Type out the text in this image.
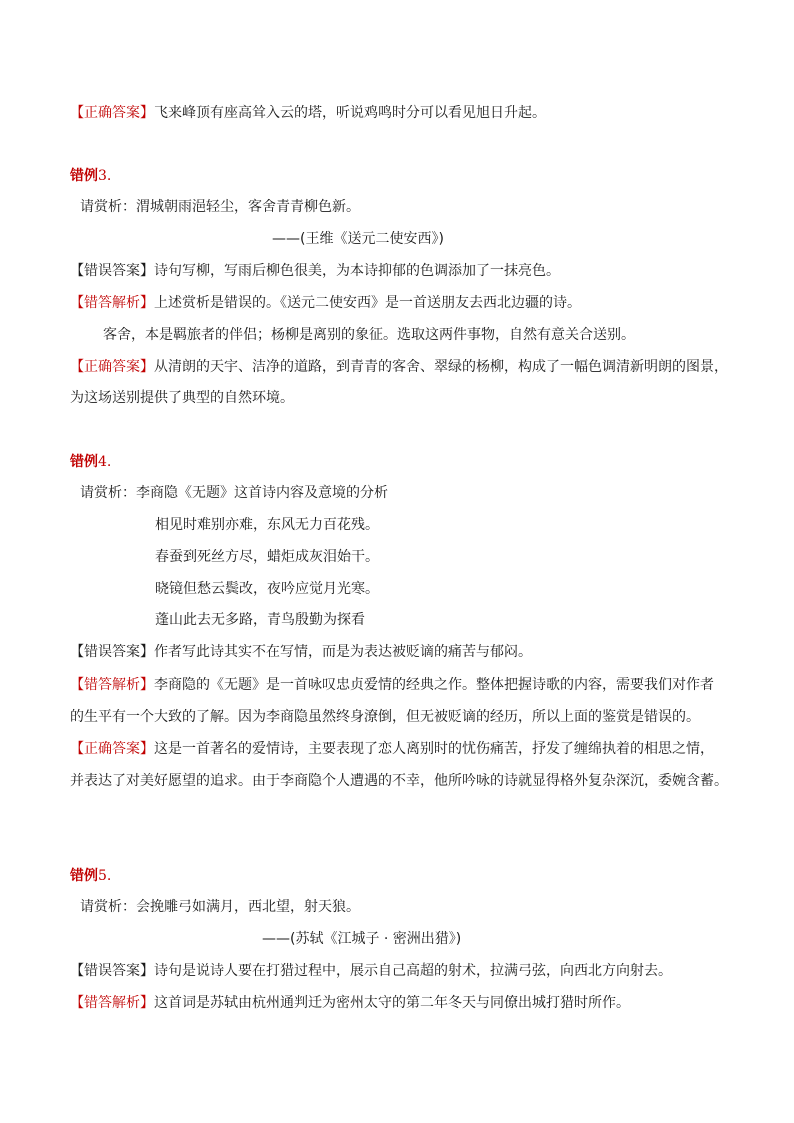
【正确答案】飞来峰顶有座高耸入云的塔，听说鸡鸣时分可以看见旭日升起。
错例3.
请赏析：渭城朝雨浥轻尘，客舍青青柳色新。
——(王维《送元二使安西》)
【错误答案】诗句写柳，写雨后柳色很美，为本诗抑郁的色调添加了一抹亮色。
【错答解析】上述赏析是错误的。《送元二使安西》是一首送朋友去西北边疆的诗。
客舍，本是羁旅者的伴侣；杨柳是离别的象征。选取这两件事物，自然有意关合送别。
【正确答案】从清朗的天宇、洁净的道路，到青青的客舍、翠绿的杨柳，构成了一幅色调清新明朗的图景，
为这场送别提供了典型的自然环境。
错例4.
请赏析：李商隐《无题》这首诗内容及意境的分析
相见时难别亦难，东风无力百花残。
春蚕到死丝方尽，蜡炬成灰泪始干。
晓镜但愁云鬓改，夜吟应觉月光寒。
蓬山此去无多路，青鸟殷勤为探看
【错误答案】作者写此诗其实不在写情，而是为表达被贬谪的痛苦与郁闷。
【错答解析】李商隐的《无题》是一首咏叹忠贞爱情的经典之作。整体把握诗歌的内容，需要我们对作者
的生平有一个大致的了解。因为李商隐虽然终身潦倒，但无被贬谪的经历，所以上面的鉴赏是错误的。
【正确答案】这是一首著名的爱情诗，主要表现了恋人离别时的忧伤痛苦，抒发了缠绵执着的相思之情，
并表达了对美好愿望的追求。由于李商隐个人遭遇的不幸，他所吟咏的诗就显得格外复杂深沉，委婉含蓄。
错例5.
请赏析：会挽雕弓如满月，西北望，射天狼。
——(苏轼《江城子 · 密洲出猎》)
【错误答案】诗句是说诗人要在打猎过程中，展示自己高超的射术，拉满弓弦，向西北方向射去。
【错答解析】这首词是苏轼由杭州通判迁为密州太守的第二年冬天与同僚出城打猎时所作。
